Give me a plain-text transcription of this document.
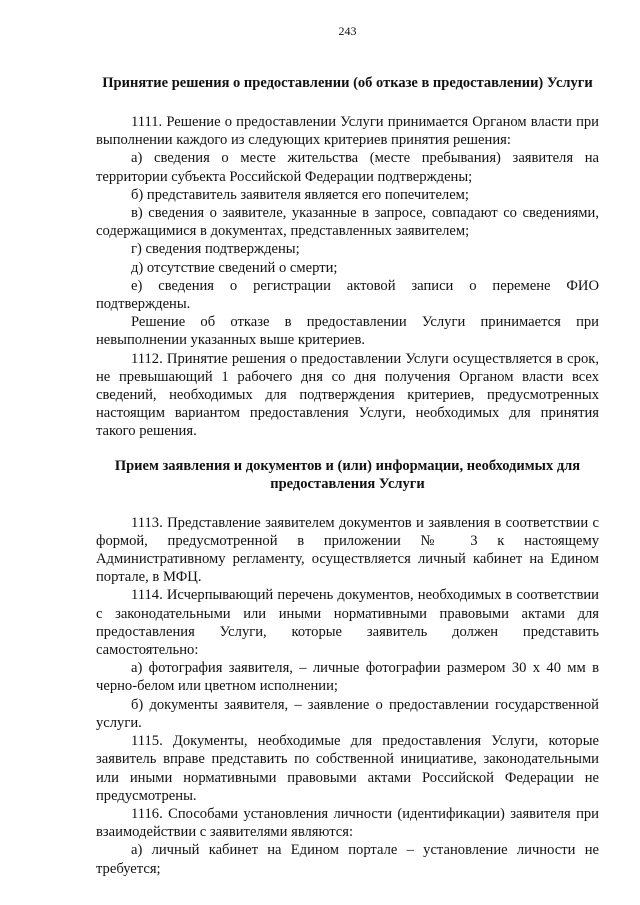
243
Принятие решения о предоставлении (об отказе в предоставлении) Услуги

1111. Решение о предоставлении Услуги принимается Органом власти при выполнении каждого из следующих критериев принятия решения:

а) сведения о месте жительства (месте пребывания) заявителя на территории субъекта Российской Федерации подтверждены;

б) представитель заявителя является его попечителем;

в) сведения о заявителе, указанные в запросе, совпадают со сведениями, содержащимися в документах, представленных заявителем;

г) сведения подтверждены;

д) отсутствие сведений о смерти;

е) сведения о регистрации актовой записи о перемене ФИО подтверждены.

Решение об отказе в предоставлении Услуги принимается при невыполнении указанных выше критериев.

1112. Принятие решения о предоставлении Услуги осуществляется в срок, не превышающий 1 рабочего дня со дня получения Органом власти всех сведений, необходимых для подтверждения критериев, предусмотренных настоящим вариантом предоставления Услуги, необходимых для принятия такого решения.

Прием заявления и документов и (или) информации, необходимых для предоставления Услуги

1113. Представление заявителем документов и заявления в соответствии с формой, предусмотренной в приложении № 3 к настоящему Административному регламенту, осуществляется личный кабинет на Едином портале, в МФЦ.

1114. Исчерпывающий перечень документов, необходимых в соответствии с законодательными или иными нормативными правовыми актами для предоставления Услуги, которые заявитель должен представить самостоятельно:

а) фотография заявителя, – личные фотографии размером 30 х 40 мм в черно-белом или цветном исполнении;

б) документы заявителя, – заявление о предоставлении государственной услуги.

1115. Документы, необходимые для предоставления Услуги, которые заявитель вправе представить по собственной инициативе, законодательными или иными нормативными правовыми актами Российской Федерации не предусмотрены.

1116. Способами установления личности (идентификации) заявителя при взаимодействии с заявителями являются:

а) личный кабинет на Едином портале – установление личности не требуется;
